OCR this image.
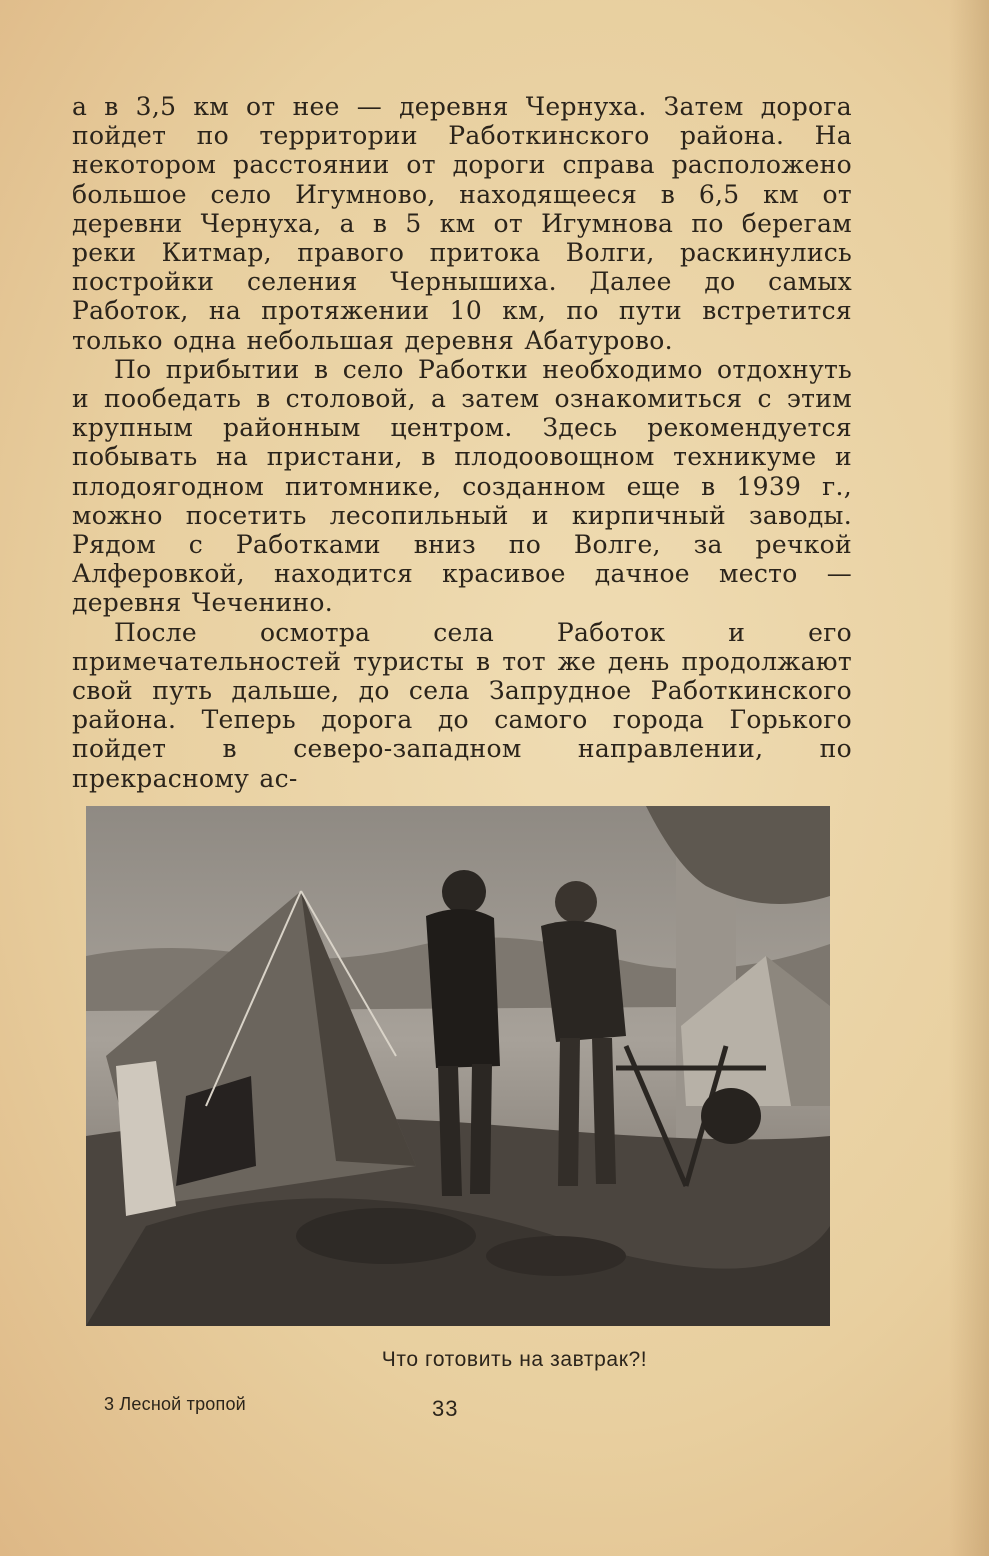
а в 3,5 км от нее — деревня Чернуха. Затем дорога пойдет по территории Работкинского района. На некотором расстоянии от дороги справа расположено большое село Игумново, находящееся в 6,5 км от деревни Чернуха, а в 5 км от Игумнова по берегам реки Китмар, правого притока Волги, раскинулись постройки селения Чернышиха. Далее до самых Работок, на протяжении 10 км, по пути встретится только одна небольшая деревня Абатурово.

По прибытии в село Работки необходимо отдохнуть и пообедать в столовой, а затем ознакомиться с этим крупным районным центром. Здесь рекомендуется побывать на пристани, в плодоовощном техникуме и плодоягодном питомнике, созданном еще в 1939 г., можно посетить лесопильный и кирпичный заводы. Рядом с Работками вниз по Волге, за речкой Алферовкой, находится красивое дачное место — деревня Чеченино.

После осмотра села Работок и его примечательностей туристы в тот же день продолжают свой путь дальше, до села Запрудное Работкинского района. Теперь дорога до самого города Горького пойдет в северо-западном направлении, по прекрасному ас-

Что готовить на завтрак?!
3 Лесной тропой	33
